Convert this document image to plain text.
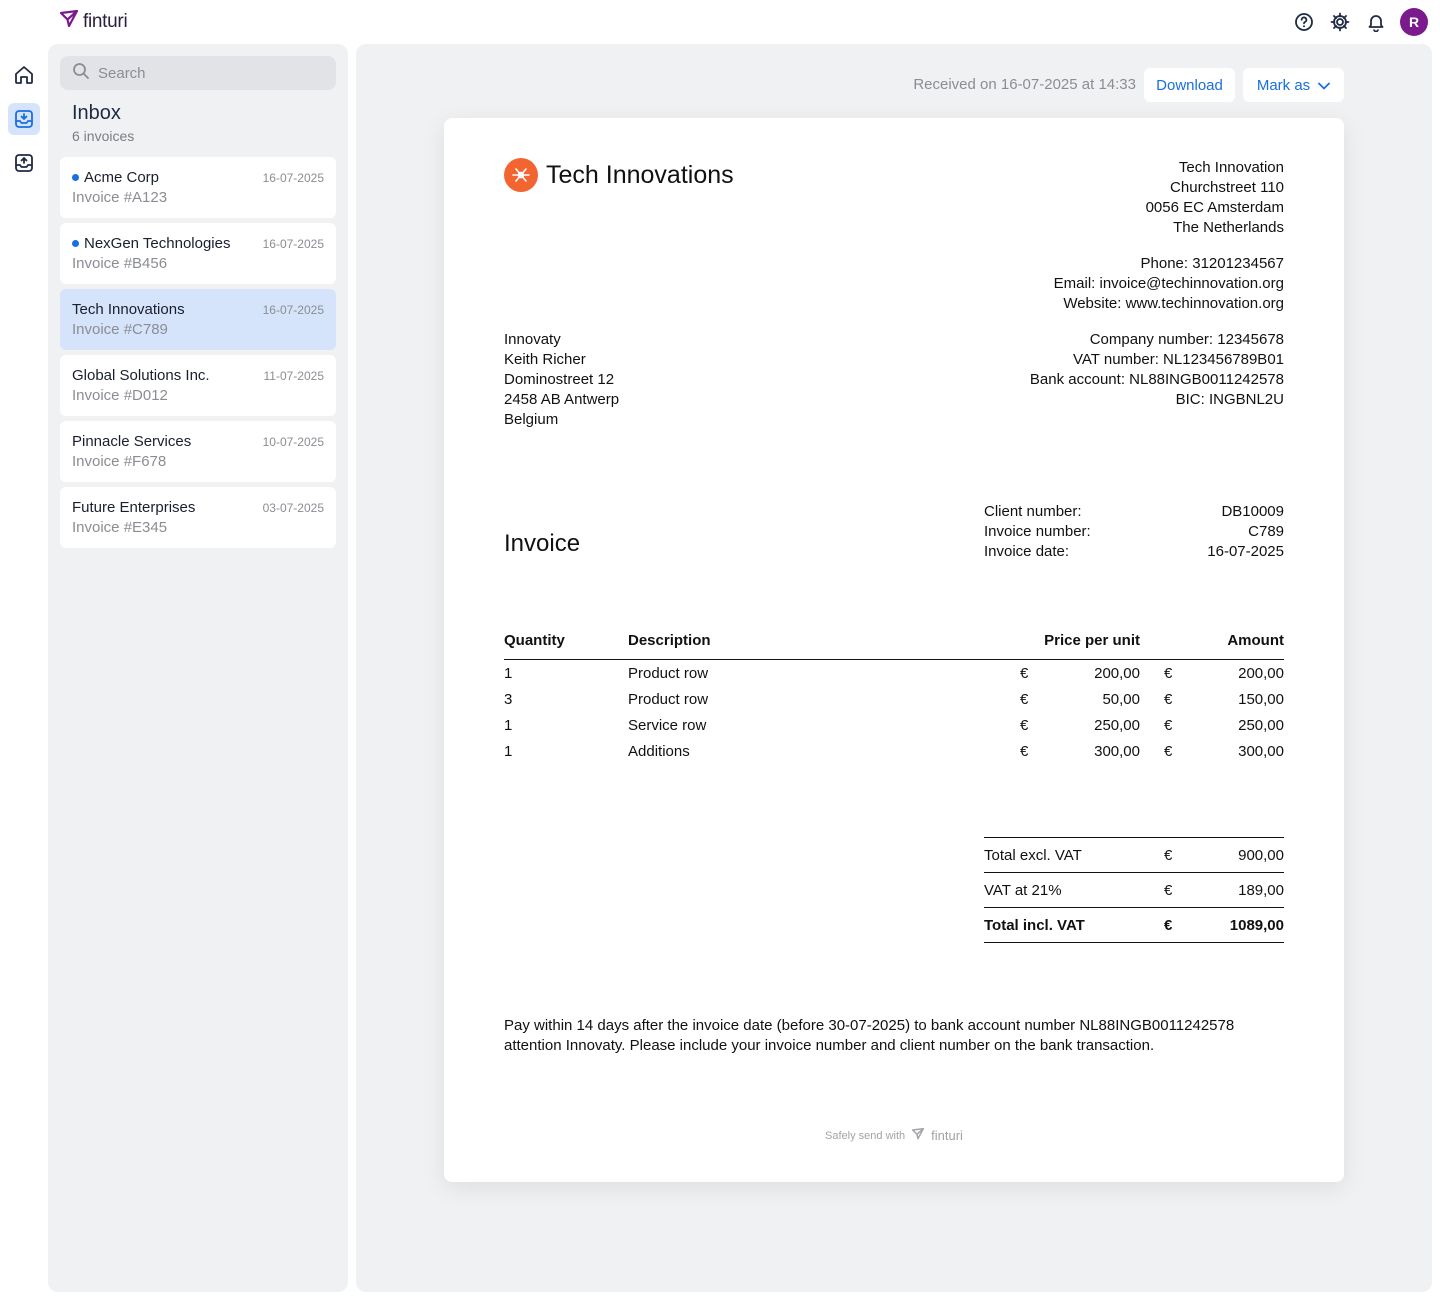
finturi	R
Search
Inbox
6 invoices
Acme Corp
Invoice #A123
16-07-2025
NexGen Technologies
Invoice #B456
16-07-2025
Tech Innovations
Invoice #C789
16-07-2025
Global Solutions Inc.
Invoice #D012
11-07-2025
Pinnacle Services
Invoice #F678
10-07-2025
Future Enterprises
Invoice #E345
03-07-2025
Received on 16-07-2025 at 14:33	Download	Mark as
Tech Innovations	Tech Innovation
Churchstreet 110
0056 EC Amsterdam
The Netherlands
Phone: 31201234567
Email: invoice@techinnovation.org
Website: www.techinnovation.org
Company number: 12345678
VAT number: NL123456789B01
Bank account: NL88INGB0011242578
BIC: INGBNL2U
Innovaty
Keith Richer
Dominostreet 12
2458 AB Antwerp
Belgium
Invoice
Client number:	DB10009
Invoice number:	C789
Invoice date:	16-07-2025
Quantity	Description	Price per unit	Amount
1	Product row	€	200,00	€	200,00
3	Product row	€	50,00	€	150,00
1	Service row	€	250,00	€	250,00
1	Additions	€	300,00	€	300,00
Total excl. VAT	€	900,00
VAT at 21%	€	189,00
Total incl. VAT	€	1089,00
Pay within 14 days after the invoice date (before 30-07-2025) to bank account number NL88INGB0011242578 attention Innovaty. Please include your invoice number and client number on the bank transaction.
Safely send with finturi
